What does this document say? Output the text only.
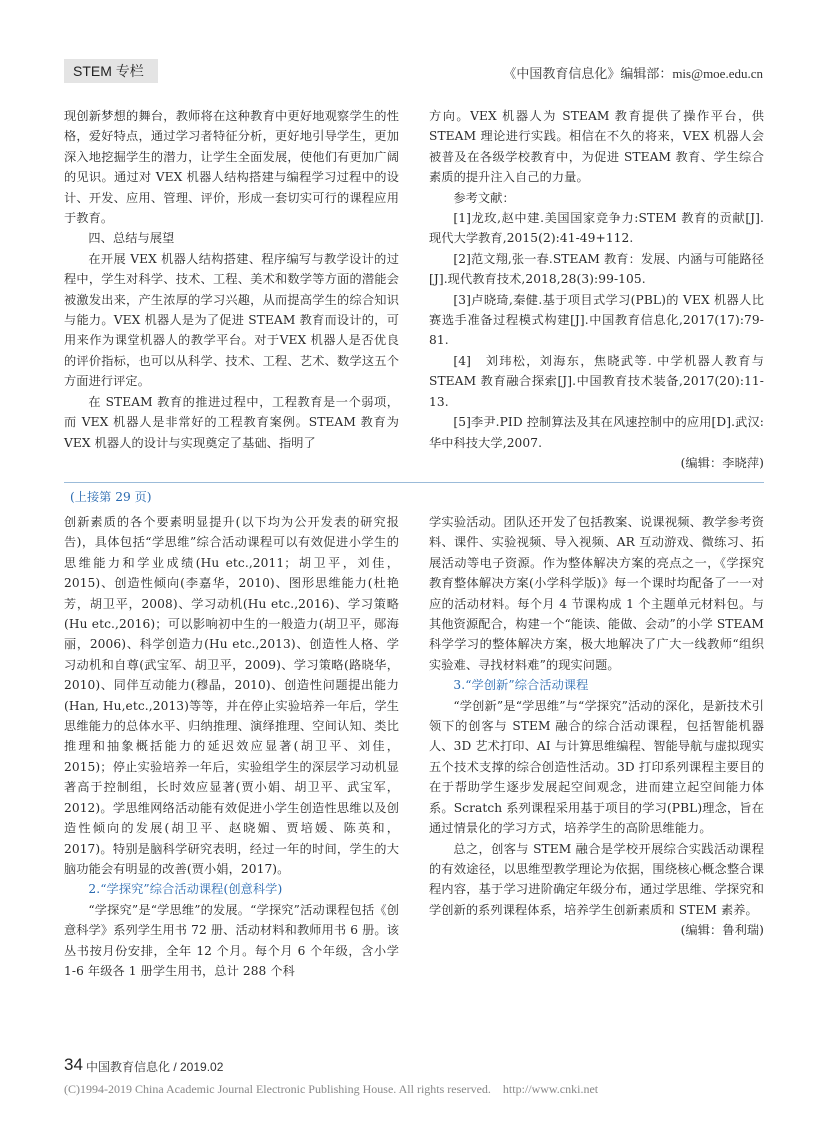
STEM 专栏	《中国教育信息化》编辑部：mis@moe.edu.cn

现创新梦想的舞台，教师将在这种教育中更好地观察学生的性格，爱好特点，通过学习者特征分析，更好地引导学生，更加深入地挖掘学生的潜力，让学生全面发展，使他们有更加广阔的见识。通过对 VEX 机器人结构搭建与编程学习过程中的设计、开发、应用、管理、评价，形成一套切实可行的课程应用于教育。

四、总结与展望

在开展 VEX 机器人结构搭建、程序编写与教学设计的过程中，学生对科学、技术、工程、美术和数学等方面的潜能会被激发出来，产生浓厚的学习兴趣，从而提高学生的综合知识与能力。VEX 机器人是为了促进 STEAM 教育而设计的，可用来作为课堂机器人的教学平台。对于VEX 机器人是否优良的评价指标，也可以从科学、技术、工程、艺术、数学这五个方面进行评定。

在 STEAM 教育的推进过程中，工程教育是一个弱项，而 VEX 机器人是非常好的工程教育案例。STEAM 教育为 VEX 机器人的设计与实现奠定了基础、指明了

方向。VEX 机器人为 STEAM 教育提供了操作平台，供 STEAM 理论进行实践。相信在不久的将来，VEX 机器人会被普及在各级学校教育中，为促进 STEAM 教育、学生综合素质的提升注入自己的力量。

参考文献：

[1]龙玫,赵中建.美国国家竞争力:STEM 教育的贡献[J].现代大学教育,2015(2):41-49+112.

[2]范文翔,张一春.STEAM 教育：发展、内涵与可能路径[J].现代教育技术,2018,28(3):99-105.

[3]卢晓琦,秦健.基于项目式学习(PBL)的 VEX 机器人比赛选手准备过程模式构建[J].中国教育信息化,2017(17):79-81.

[4]　刘玮松，刘海东，焦晓武等. 中学机器人教育与STEAM 教育融合探索[J].中国教育技术装备,2017(20):11-13.

[5]李尹.PID 控制算法及其在风速控制中的应用[D].武汉:华中科技大学,2007.

(编辑：李晓萍)

(上接第 29 页)

创新素质的各个要素明显提升(以下均为公开发表的研究报告)，具体包括“学思维”综合活动课程可以有效促进小学生的思维能力和学业成绩(Hu etc.,2011；胡卫平，刘佳，2015)、创造性倾向(李嘉华，2010)、图形思维能力(杜艳芳，胡卫平，2008)、学习动机(Hu etc.,2016)、学习策略(Hu etc.,2016)；可以影响初中生的一般造力(胡卫平，郧海丽，2006)、科学创造力(Hu etc.,2013)、创造性人格、学习动机和自尊(武宝军、胡卫平，2009)、学习策略(路晓华，2010)、同伴互动能力(穆晶，2010)、创造性问题提出能力(Han, Hu,etc.,2013)等等，并在停止实验培养一年后，学生思维能力的总体水平、归纳推理、演绎推理、空间认知、类比推理和抽象概括能力的延迟效应显著(胡卫平、刘佳，2015)；停止实验培养一年后，实验组学生的深层学习动机显著高于控制组，长时效应显著(贾小娟、胡卫平、武宝军，2012)。学思维网络活动能有效促进小学生创造性思维以及创造性倾向的发展(胡卫平、赵晓媚、贾培媛、陈英和，2017)。特别是脑科学研究表明，经过一年的时间，学生的大脑功能会有明显的改善(贾小娟，2017)。

2.“学探究”综合活动课程(创意科学)

“学探究”是“学思维”的发展。“学探究”活动课程包括《创意科学》系列学生用书 72 册、活动材料和教师用书 6 册。该丛书按月份安排，全年 12 个月。每个月 6 个年级，含小学 1-6 年级各 1 册学生用书，总计 288 个科

学实验活动。团队还开发了包括教案、说课视频、教学参考资料、课件、实验视频、导入视频、AR 互动游戏、微练习、拓展活动等电子资源。作为整体解决方案的亮点之一，《学探究教育整体解决方案(小学科学版)》每一个课时均配备了一一对应的活动材料。每个月 4 节课构成 1 个主题单元材料包。与其他资源配合，构建一个“能读、能做、会动”的小学 STEAM 科学学习的整体解决方案，极大地解决了广大一线教师“组织实验难、寻找材料难”的现实问题。

3.“学创新”综合活动课程

“学创新”是“学思维”与“学探究”活动的深化，是新技术引领下的创客与 STEM 融合的综合活动课程，包括智能机器人、3D 艺术打印、AI 与计算思维编程、智能导航与虚拟现实五个技术支撑的综合创造性活动。3D 打印系列课程主要目的在于帮助学生逐步发展起空间观念，进而建立起空间能力体系。Scratch 系列课程采用基于项目的学习(PBL)理念，旨在通过情景化的学习方式，培养学生的高阶思维能力。

总之，创客与 STEM 融合是学校开展综合实践活动课程的有效途径，以思维型教学理论为依据，围绕核心概念整合课程内容，基于学习进阶确定年级分布，通过学思维、学探究和学创新的系列课程体系，培养学生创新素质和 STEM 素养。

(编辑：鲁利瑞)

34 中国教育信息化 / 2019.02
(C)1994-2019 China Academic Journal Electronic Publishing House. All rights reserved.　http://www.cnki.net
